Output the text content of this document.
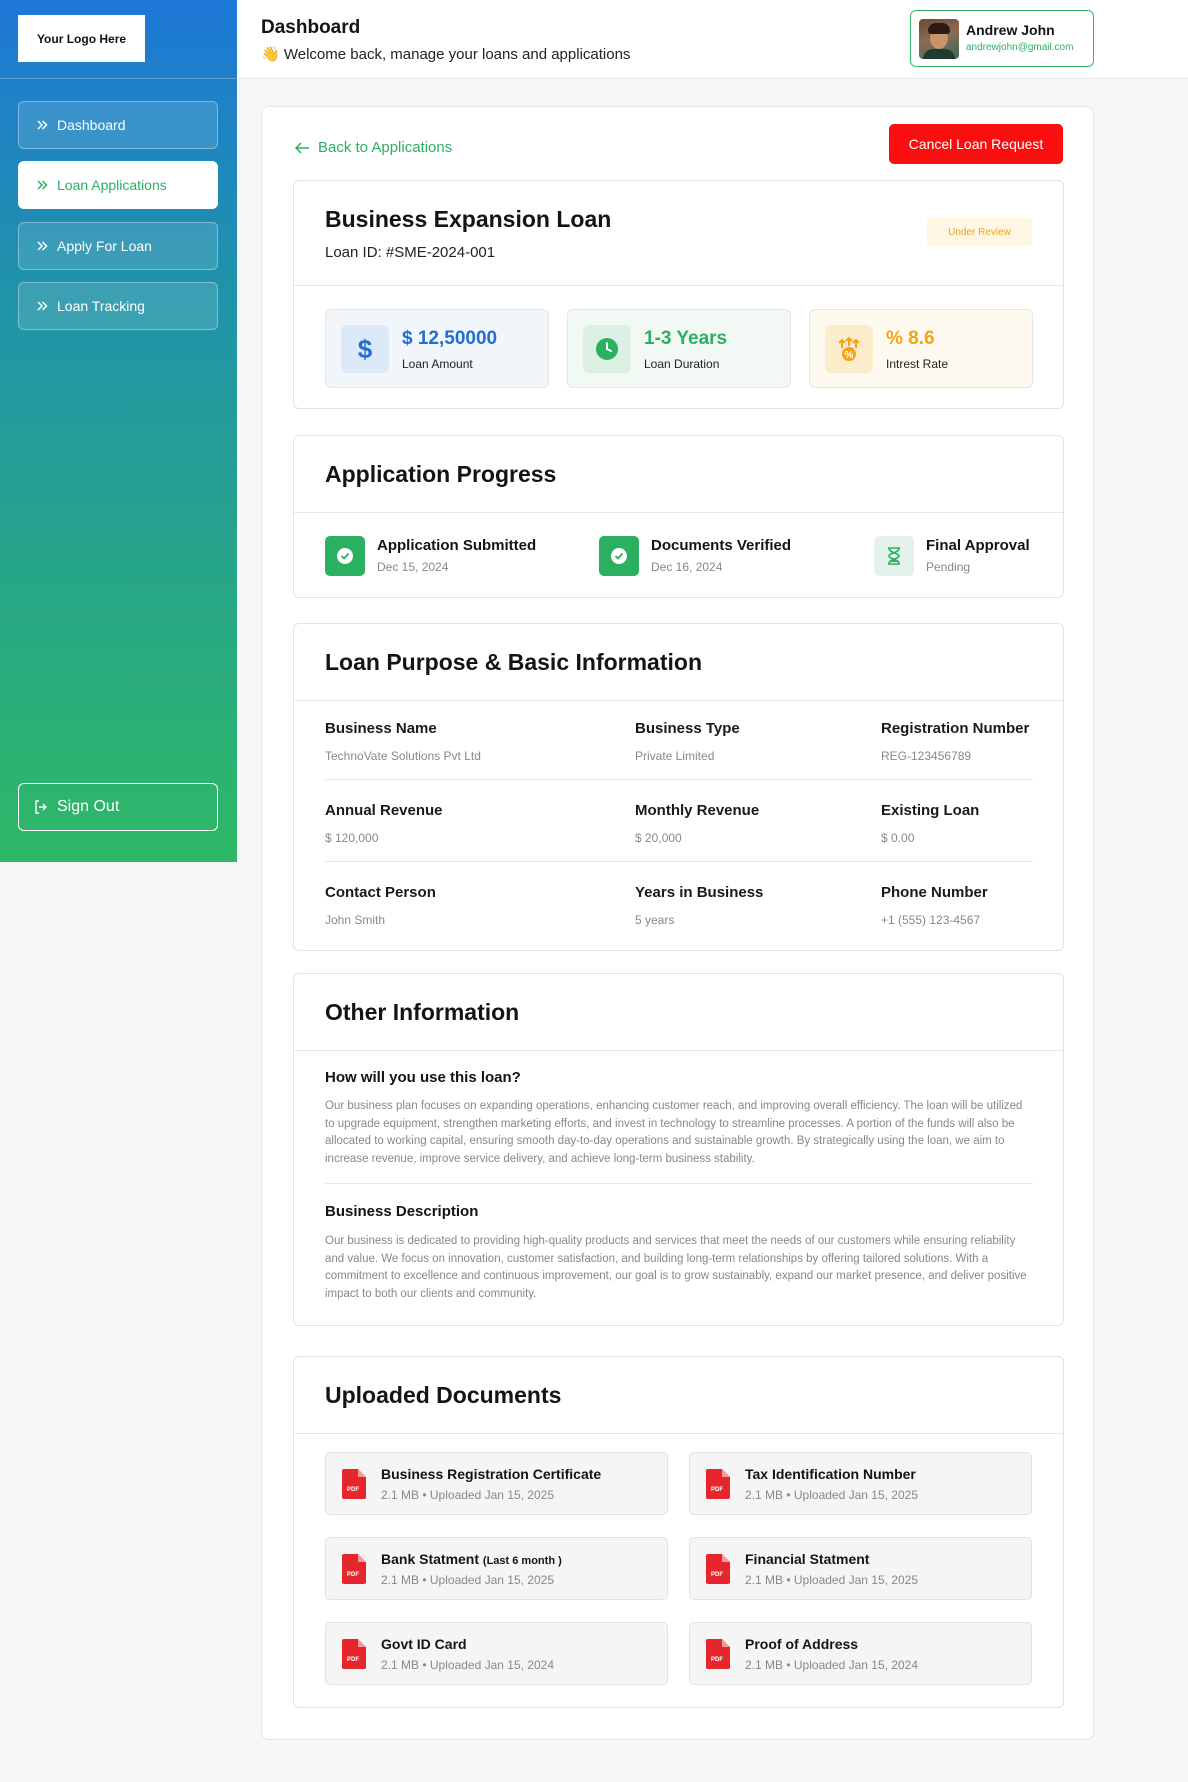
Your Logo Here
Dashboard
Loan Applications
Apply For Loan
Loan Tracking
Sign Out
Dashboard
👋 Welcome back, manage your loans and applications
Andrew John
andrewjohn@gmail.com
Back to Applications	Cancel Loan Request
Business Expansion Loan
Loan ID: #SME-2024-001
Under Review
$ $ 12,50000
Loan Amount
1-3 Years
Loan Duration
%
% 8.6
Intrest Rate
Application Progress
Application Submitted
Dec 15, 2024
Documents Verified
Dec 16, 2024
Final Approval
Pending
Loan Purpose & Basic Information
Business Name
TechnoVate Solutions Pvt Ltd
Business Type
Private Limited
Registration Number
REG-123456789
Annual Revenue
$ 120,000
Monthly Revenue
$ 20,000
Existing Loan
$ 0.00
Contact Person
John Smith
Years in Business
5 years
Phone Number
+1 (555) 123-4567
Other Information
How will you use this loan?
Our business plan focuses on expanding operations, enhancing customer reach, and improving overall efficiency. The loan will be utilized to upgrade equipment, strengthen marketing efforts, and invest in technology to streamline processes. A portion of the funds will also be allocated to working capital, ensuring smooth day-to-day operations and sustainable growth. By strategically using the loan, we aim to increase revenue, improve service delivery, and achieve long-term business stability.
Business Description
Our business is dedicated to providing high-quality products and services that meet the needs of our customers while ensuring reliability and value. We focus on innovation, customer satisfaction, and building long-term relationships by offering tailored solutions. With a commitment to excellence and continuous improvement, our goal is to grow sustainably, expand our market presence, and deliver positive impact to both our clients and community.
Uploaded Documents
PDF
Business Registration Certificate
2.1 MB • Uploaded Jan 15, 2025	PDF
Tax Identification Number
2.1 MB • Uploaded Jan 15, 2025
PDF
Bank Statment (Last 6 month )
2.1 MB • Uploaded Jan 15, 2025	PDF
Financial Statment
2.1 MB • Uploaded Jan 15, 2025
PDF
Govt ID Card
2.1 MB • Uploaded Jan 15, 2024	PDF
Proof of Address
2.1 MB • Uploaded Jan 15, 2024
